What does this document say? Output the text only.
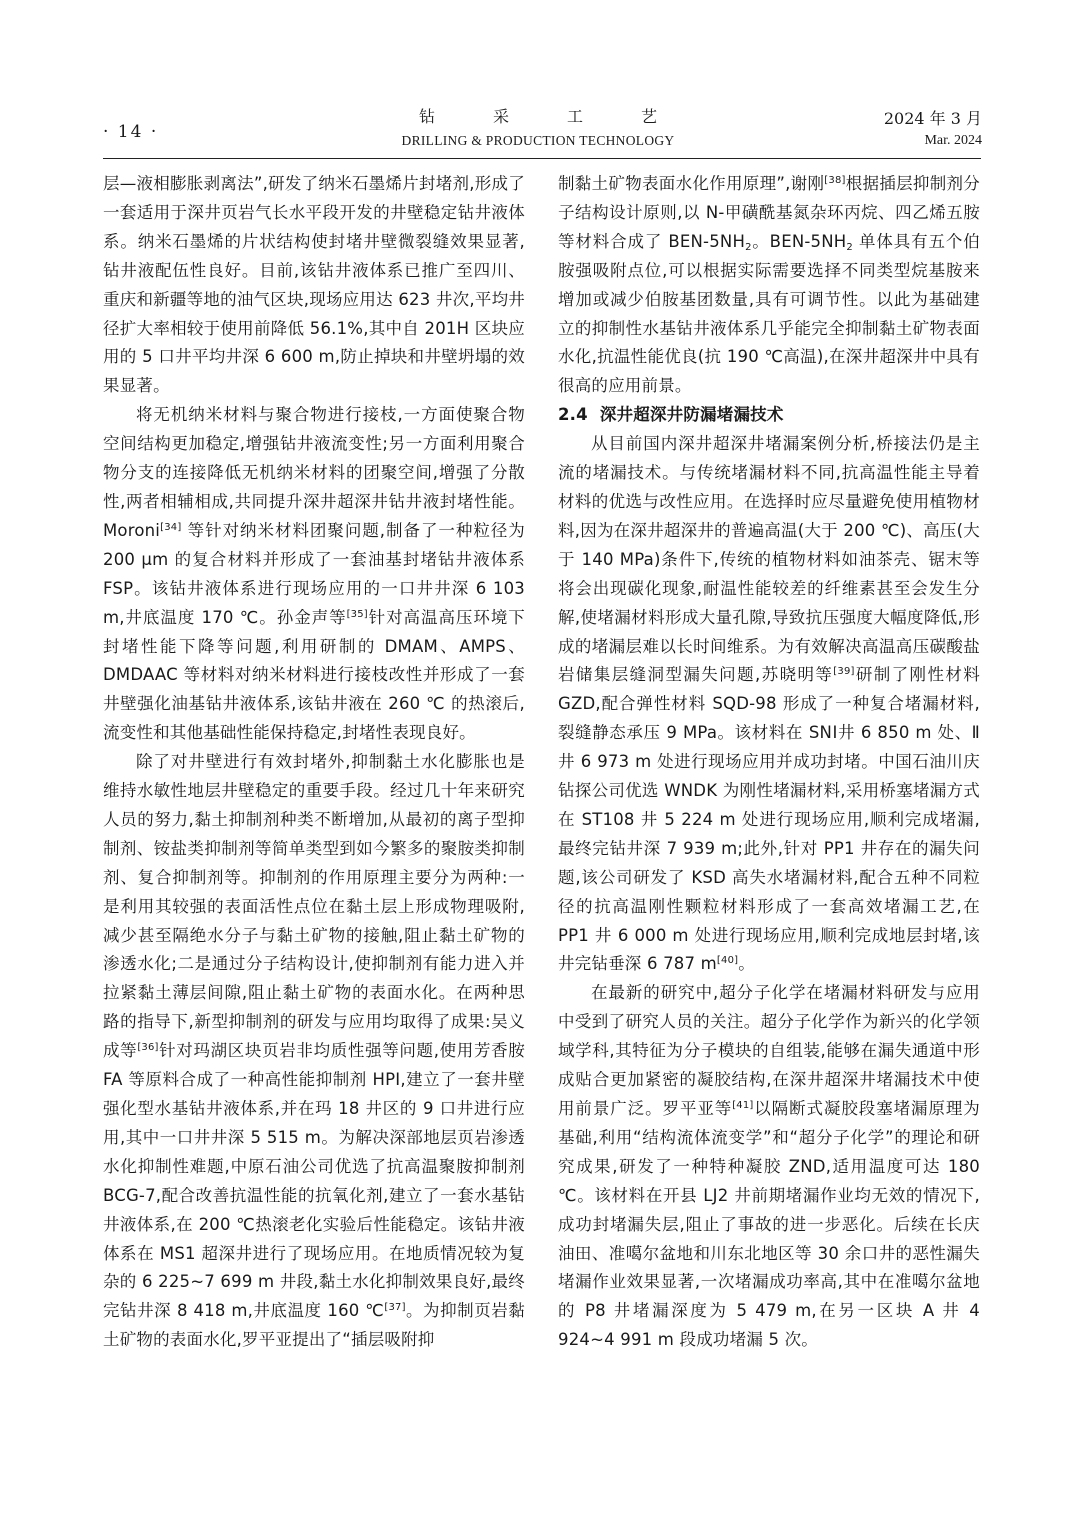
· 14 ·
钻采工艺
DRILLING & PRODUCTION TECHNOLOGY
2024 年 3 月
Mar. 2024

层—液相膨胀剥离法”,研发了纳米石墨烯片封堵剂,形成了一套适用于深井页岩气长水平段开发的井壁稳定钻井液体系。纳米石墨烯的片状结构使封堵井壁微裂缝效果显著,钻井液配伍性良好。目前,该钻井液体系已推广至四川、重庆和新疆等地的油气区块,现场应用达 623 井次,平均井径扩大率相较于使用前降低 56.1%,其中自 201H 区块应用的 5 口井平均井深 6 600 m,防止掉块和井壁坍塌的效果显著。

将无机纳米材料与聚合物进行接枝,一方面使聚合物空间结构更加稳定,增强钻井液流变性;另一方面利用聚合物分支的连接降低无机纳米材料的团聚空间,增强了分散性,两者相辅相成,共同提升深井超深井钻井液封堵性能。Moroni[34] 等针对纳米材料团聚问题,制备了一种粒径为 200 μm 的复合材料并形成了一套油基封堵钻井液体系 FSP。该钻井液体系进行现场应用的一口井井深 6 103 m,井底温度 170 ℃。孙金声等[35]针对高温高压环境下封堵性能下降等问题,利用研制的 DMAM、AMPS、DMDAAC 等材料对纳米材料进行接枝改性并形成了一套井壁强化油基钻井液体系,该钻井液在 260 ℃ 的热滚后,流变性和其他基础性能保持稳定,封堵性表现良好。

除了对井壁进行有效封堵外,抑制黏土水化膨胀也是维持水敏性地层井壁稳定的重要手段。经过几十年来研究人员的努力,黏土抑制剂种类不断增加,从最初的离子型抑制剂、铵盐类抑制剂等简单类型到如今繁多的聚胺类抑制剂、复合抑制剂等。抑制剂的作用原理主要分为两种:一是利用其较强的表面活性点位在黏土层上形成物理吸附,减少甚至隔绝水分子与黏土矿物的接触,阻止黏土矿物的渗透水化;二是通过分子结构设计,使抑制剂有能力进入并拉紧黏土薄层间隙,阻止黏土矿物的表面水化。在两种思路的指导下,新型抑制剂的研发与应用均取得了成果:吴义成等[36]针对玛湖区块页岩非均质性强等问题,使用芳香胺 FA 等原料合成了一种高性能抑制剂 HPI,建立了一套井壁强化型水基钻井液体系,并在玛 18 井区的 9 口井进行应用,其中一口井井深 5 515 m。为解决深部地层页岩渗透水化抑制性难题,中原石油公司优选了抗高温聚胺抑制剂 BCG-7,配合改善抗温性能的抗氧化剂,建立了一套水基钻井液体系,在 200 ℃热滚老化实验后性能稳定。该钻井液体系在 MS1 超深井进行了现场应用。在地质情况较为复杂的 6 225~7 699 m 井段,黏土水化抑制效果良好,最终完钻井深 8 418 m,井底温度 160 ℃[37]。为抑制页岩黏土矿物的表面水化,罗平亚提出了“插层吸附抑

制黏土矿物表面水化作用原理”,谢刚[38]根据插层抑制剂分子结构设计原则,以 N-甲磺酰基氮杂环丙烷、四乙烯五胺等材料合成了 BEN-$5NH_2$。BEN-$5NH_2$ 单体具有五个伯胺强吸附点位,可以根据实际需要选择不同类型烷基胺来增加或减少伯胺基团数量,具有可调节性。以此为基础建立的抑制性水基钻井液体系几乎能完全抑制黏土矿物表面水化,抗温性能优良(抗 190 ℃高温),在深井超深井中具有很高的应用前景。

2.4 深井超深井防漏堵漏技术

从目前国内深井超深井堵漏案例分析,桥接法仍是主流的堵漏技术。与传统堵漏材料不同,抗高温性能主导着材料的优选与改性应用。在选择时应尽量避免使用植物材料,因为在深井超深井的普遍高温(大于 200 ℃)、高压(大于 140 MPa)条件下,传统的植物材料如油茶壳、锯末等将会出现碳化现象,耐温性能较差的纤维素甚至会发生分解,使堵漏材料形成大量孔隙,导致抗压强度大幅度降低,形成的堵漏层难以长时间维系。为有效解决高温高压碳酸盐岩储集层缝洞型漏失问题,苏晓明等[39]研制了刚性材料 GZD,配合弹性材料 SQD-98 形成了一种复合堵漏材料,裂缝静态承压 9 MPa。该材料在 SNⅠ井 6 850 m 处、Ⅱ井 6 973 m 处进行现场应用并成功封堵。中国石油川庆钻探公司优选 WNDK 为刚性堵漏材料,采用桥塞堵漏方式在 ST108 井 5 224 m 处进行现场应用,顺利完成堵漏,最终完钻井深 7 939 m;此外,针对 PP1 井存在的漏失问题,该公司研发了 KSD 高失水堵漏材料,配合五种不同粒径的抗高温刚性颗粒材料形成了一套高效堵漏工艺,在 PP1 井 6 000 m 处进行现场应用,顺利完成地层封堵,该井完钻垂深 6 787 m[40]。

在最新的研究中,超分子化学在堵漏材料研发与应用中受到了研究人员的关注。超分子化学作为新兴的化学领域学科,其特征为分子模块的自组装,能够在漏失通道中形成贴合更加紧密的凝胶结构,在深井超深井堵漏技术中使用前景广泛。罗平亚等[41]以隔断式凝胶段塞堵漏原理为基础,利用“结构流体流变学”和“超分子化学”的理论和研究成果,研发了一种特种凝胶 ZND,适用温度可达 180 ℃。该材料在开县 LJ2 井前期堵漏作业均无效的情况下,成功封堵漏失层,阻止了事故的进一步恶化。后续在长庆油田、准噶尔盆地和川东北地区等 30 余口井的恶性漏失堵漏作业效果显著,一次堵漏成功率高,其中在准噶尔盆地的 P8 井堵漏深度为 5 479 m,在另一区块 A 井 4 924~4 991 m 段成功堵漏 5 次。
